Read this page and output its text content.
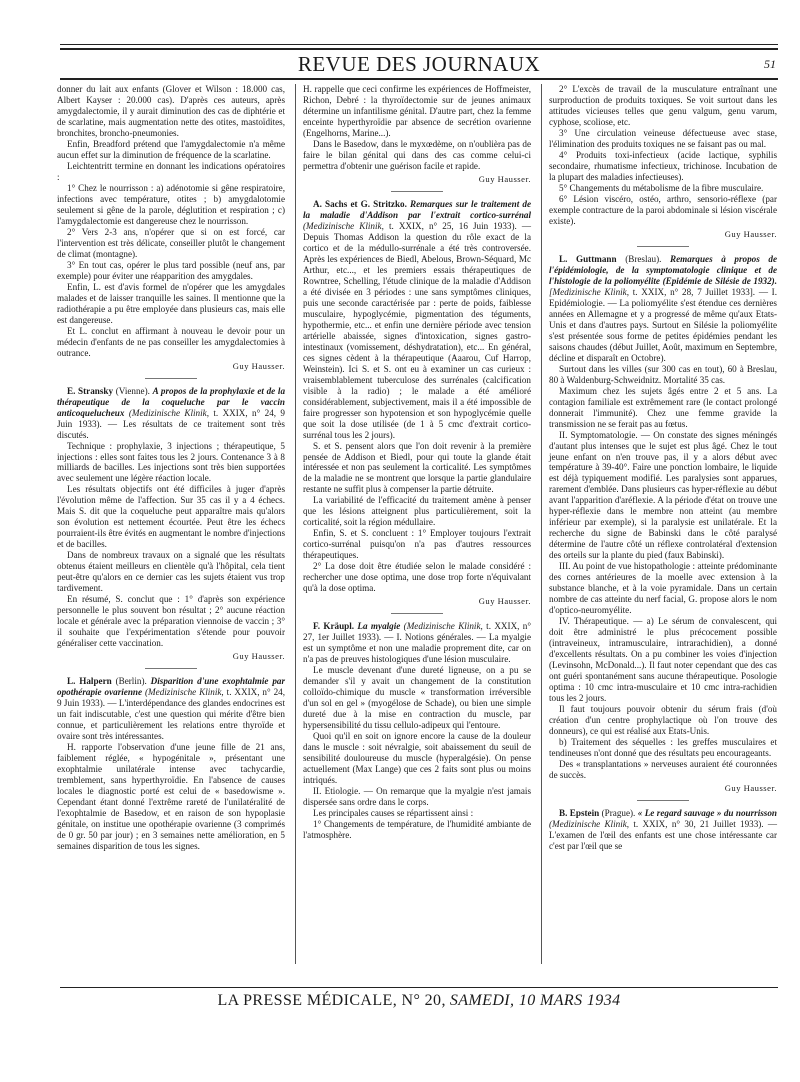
REVUE DES JOURNAUX	51

donner du lait aux enfants (Glover et Wilson : 18.000 cas, Albert Kayser : 20.000 cas). D'après ces auteurs, après amygdalectomie, il y aurait diminution des cas de diphtérie et de scarlatine, mais augmentation nette des otites, mastoïdites, bronchites, broncho-pneumonies.

Enfin, Breadford prétend que l'amygdalectomie n'a même aucun effet sur la diminution de fréquence de la scarlatine.

Leichtentritt termine en donnant les indications opératoires :

1° Chez le nourrisson : a) adénotomie si gêne respiratoire, infections avec température, otites ; b) amygdalotomie seulement si gêne de la parole, déglutition et respiration ; c) l'amygdalectomie est dangereuse chez le nourrisson.

2° Vers 2-3 ans, n'opérer que si on est forcé, car l'intervention est très délicate, conseiller plutôt le changement de climat (montagne).

3° En tout cas, opérer le plus tard possible (neuf ans, par exemple) pour éviter une réapparition des amygdales.

Enfin, L. est d'avis formel de n'opérer que les amygdales malades et de laisser tranquille les saines. Il mentionne que la radiothérapie a pu être employée dans plusieurs cas, mais elle est dangereuse.

Et L. conclut en affirmant à nouveau le devoir pour un médecin d'enfants de ne pas conseiller les amygdalectomies à outrance.

Guy Hausser.

E. Stransky (Vienne). A propos de la prophylaxie et de la thérapeutique de la coqueluche par le vaccin anticoquelucheux (Medizinische Klinik, t. XXIX, n° 24, 9 Juin 1933). — Les résultats de ce traitement sont très discutés.

Technique : prophylaxie, 3 injections ; thérapeutique, 5 injections : elles sont faites tous les 2 jours. Contenance 3 à 8 milliards de bacilles. Les injections sont très bien supportées avec seulement une légère réaction locale.

Les résultats objectifs ont été difficiles à juger d'après l'évolution même de l'affection. Sur 35 cas il y a 4 échecs. Mais S. dit que la coqueluche peut apparaître mais qu'alors son évolution est nettement écourtée. Peut être les échecs pourraient-ils être évités en augmentant le nombre d'injections et de bacilles.

Dans de nombreux travaux on a signalé que les résultats obtenus étaient meilleurs en clientèle qu'à l'hôpital, cela tient peut-être qu'alors en ce dernier cas les sujets étaient vus trop tardivement.

En résumé, S. conclut que : 1° d'après son expérience personnelle le plus souvent bon résultat ; 2° aucune réaction locale et générale avec la préparation viennoise de vaccin ; 3° il souhaite que l'expérimentation s'étende pour pouvoir généraliser cette vaccination.

Guy Hausser.

L. Halpern (Berlin). Disparition d'une exophtalmie par opothérapie ovarienne (Medizinische Klinik, t. XXIX, n° 24, 9 Juin 1933). — L'interdépendance des glandes endocrines est un fait indiscutable, c'est une question qui mérite d'être bien connue, et particulièrement les relations entre thyroïde et ovaire sont très intéressantes.

H. rapporte l'observation d'une jeune fille de 21 ans, faiblement réglée, « hypogénitale », présentant une exophtalmie unilatérale intense avec tachycardie, tremblement, sans hyperthyroïdie. En l'absence de causes locales le diagnostic porté est celui de « basedowisme ». Cependant étant donné l'extrême rareté de l'unilatéralité de l'exophtalmie de Basedow, et en raison de son hypoplasie génitale, on institue une opothérapie ovarienne (3 comprimés de 0 gr. 50 par jour) ; en 3 semaines nette amélioration, en 5 semaines disparition de tous les signes.

H. rappelle que ceci confirme les expériences de Hoffmeister, Richon, Debré : la thyroïdectomie sur de jeunes animaux détermine un infantilisme génital. D'autre part, chez la femme enceinte hyperthyroïdie par absence de secrétion ovarienne (Engelhorns, Marine...).

Dans le Basedow, dans le myxœdème, on n'oublièra pas de faire le bilan génital qui dans des cas comme celui-ci permettra d'obtenir une guérison facile et rapide.

Guy Hausser.

A. Sachs et G. Stritzko. Remarques sur le traitement de la maladie d'Addison par l'extrait cortico-surrénal (Medizinische Klinik, t. XXIX, n° 25, 16 Juin 1933). — Depuis Thomas Addison la question du rôle exact de la cortico et de la médullo-surrénale a été très controversée. Après les expériences de Biedl, Abelous, Brown-Séquard, Mc Arthur, etc..., et les premiers essais thérapeutiques de Rowntree, Schelling, l'étude clinique de la maladie d'Addison a été divisée en 3 périodes : une sans symptômes cliniques, puis une seconde caractérisée par : perte de poids, faiblesse musculaire, hypoglycémie, pigmentation des téguments, hypothermie, etc... et enfin une dernière période avec tension artérielle abaissée, signes d'intoxication, signes gastro-intestinaux (vomissement, déshydratation), etc... En général, ces signes cèdent à la thérapeutique (Aaarou, Cuf Harrop, Weinstein). Ici S. et S. ont eu à examiner un cas curieux : vraisemblablement tuberculose des surrénales (calcification visible à la radio) ; le malade a été amélioré considérablement, subjectivement, mais il a été impossible de faire progresser son hypotension et son hypoglycémie quelle que soit la dose utilisée (de 1 à 5 cmc d'extrait cortico-surrénal tous les 2 jours).

S. et S. pensent alors que l'on doit revenir à la première pensée de Addison et Biedl, pour qui toute la glande était intéressée et non pas seulement la corticalité. Les symptômes de la maladie ne se montrent que lorsque la partie glandulaire restante ne suffit plus à compenser la partie détruite.

La variabilité de l'efficacité du traitement amène à penser que les lésions atteignent plus particulièrement, soit la corticalité, soit la région médullaire.

Enfin, S. et S. concluent : 1° Employer toujours l'extrait cortico-surrénal puisqu'on n'a pas d'autres ressources thérapeutiques.

2° La dose doit être étudiée selon le malade considéré : rechercher une dose optima, une dose trop forte n'équivalant qu'à la dose optima.

Guy Hausser.

F. Kräupl. La myalgie (Medizinische Klinik, t. XXIX, n° 27, 1er Juillet 1933). — I. Notions générales. — La myalgie est un symptôme et non une maladie proprement dite, car on n'a pas de preuves histologiques d'une lésion musculaire.

Le muscle devenant d'une dureté ligneuse, on a pu se demander s'il y avait un changement de la constitution colloïdo-chimique du muscle « transformation irréversible d'un sol en gel » (myogélose de Schade), ou bien une simple dureté due à la mise en contraction du muscle, par hypersensibilité du tissu cellulo-adipeux qui l'entoure.

Quoi qu'il en soit on ignore encore la cause de la douleur dans le muscle : soit névralgie, soit abaissement du seuil de sensibilité douloureuse du muscle (hyperalgésie). On pense actuellement (Max Lange) que ces 2 faits sont plus ou moins intriqués.

II. Etiologie. — On remarque que la myalgie n'est jamais dispersée sans ordre dans le corps.

Les principales causes se répartissent ainsi :

1° Changements de température, de l'humidité ambiante de l'atmosphère.

2° L'excès de travail de la musculature entraînant une surproduction de produits toxiques. Se voit surtout dans les attitudes vicieuses telles que genu valgum, genu varum, cyphose, scoliose, etc.

3° Une circulation veineuse défectueuse avec stase, l'élimination des produits toxiques ne se faisant pas ou mal.

4° Produits toxi-infectieux (acide lactique, syphilis secondaire, rhumatisme infectieux, trichinose. Incubation de la plupart des maladies infectieuses).

5° Changements du métabolisme de la fibre musculaire.

6° Lésion viscéro, ostéo, arthro, sensorio-réflexe (par exemple contracture de la paroi abdominale si lésion viscérale existe).

Guy Hausser.

L. Guttmann (Breslau). Remarques à propos de l'épidémiologie, de la symptomatologie clinique et de l'histologie de la poliomyélite (Epidémie de Silésie de 1932). [Medizinische Klinik, t. XXIX, n° 28, 7 Juillet 1933]. — I. Epidémiologie. — La poliomyélite s'est étendue ces dernières années en Allemagne et y a progressé de même qu'aux Etats-Unis et dans d'autres pays. Surtout en Silésie la poliomyélite s'est présentée sous forme de petites épidémies pendant les saisons chaudes (début Juillet, Août, maximum en Septembre, décline et disparaît en Octobre).

Surtout dans les villes (sur 300 cas en tout), 60 à Breslau, 80 à Waldenburg-Schweidnitz. Mortalité 35 cas.

Maximum chez les sujets âgés entre 2 et 5 ans. La contagion familiale est extrêmement rare (le contact prolongé donnerait l'immunité). Chez une femme gravide la transmission ne se ferait pas au fœtus.

II. Symptomatologie. — On constate des signes méningés d'autant plus intenses que le sujet est plus âgé. Chez le tout jeune enfant on n'en trouve pas, il y a alors début avec température à 39-40°. Faire une ponction lombaire, le liquide est déjà typiquement modifié. Les paralysies sont apparues, rarement d'emblée. Dans plusieurs cas hyper-réflexie au début avant l'apparition d'aréflexie. A la période d'état on trouve une hyper-réflexie dans le membre non atteint (au membre inférieur par exemple), si la paralysie est unilatérale. Et la recherche du signe de Babinski dans le côté paralysé détermine de l'autre côté un réflexe controlatéral d'extension des orteils sur la plante du pied (faux Babinski).

III. Au point de vue histopathologie : atteinte prédominante des cornes antérieures de la moelle avec extension à la substance blanche, et à la voie pyramidale. Dans un certain nombre de cas atteinte du nerf facial, G. propose alors le nom d'optico-neuromyélite.

IV. Thérapeutique. — a) Le sérum de convalescent, qui doit être administré le plus précocement possible (intraveineux, intramusculaire, intrarachidien), a donné d'excellents résultats. On a pu combiner les voies d'injection (Levinsohn, McDonald...). Il faut noter cependant que des cas ont guéri spontanément sans aucune thérapeutique. Posologie optima : 10 cmc intra-musculaire et 10 cmc intra-rachidien tous les 2 jours.

Il faut toujours pouvoir obtenir du sérum frais (d'où création d'un centre prophylactique où l'on trouve des donneurs), ce qui est réalisé aux Etats-Unis.

b) Traitement des séquelles : les greffes musculaires et tendineuses n'ont donné que des résultats peu encourageants.

Des « transplantations » nerveuses auraient été couronnées de succès.

Guy Hausser.

B. Epstein (Prague). « Le regard sauvage » du nourrisson (Medizinische Klinik, t. XXIX, n° 30, 21 Juillet 1933). — L'examen de l'œil des enfants est une chose intéressante car c'est par l'œil que se

LA PRESSE MÉDICALE, N° 20, SAMEDI, 10 MARS 1934
